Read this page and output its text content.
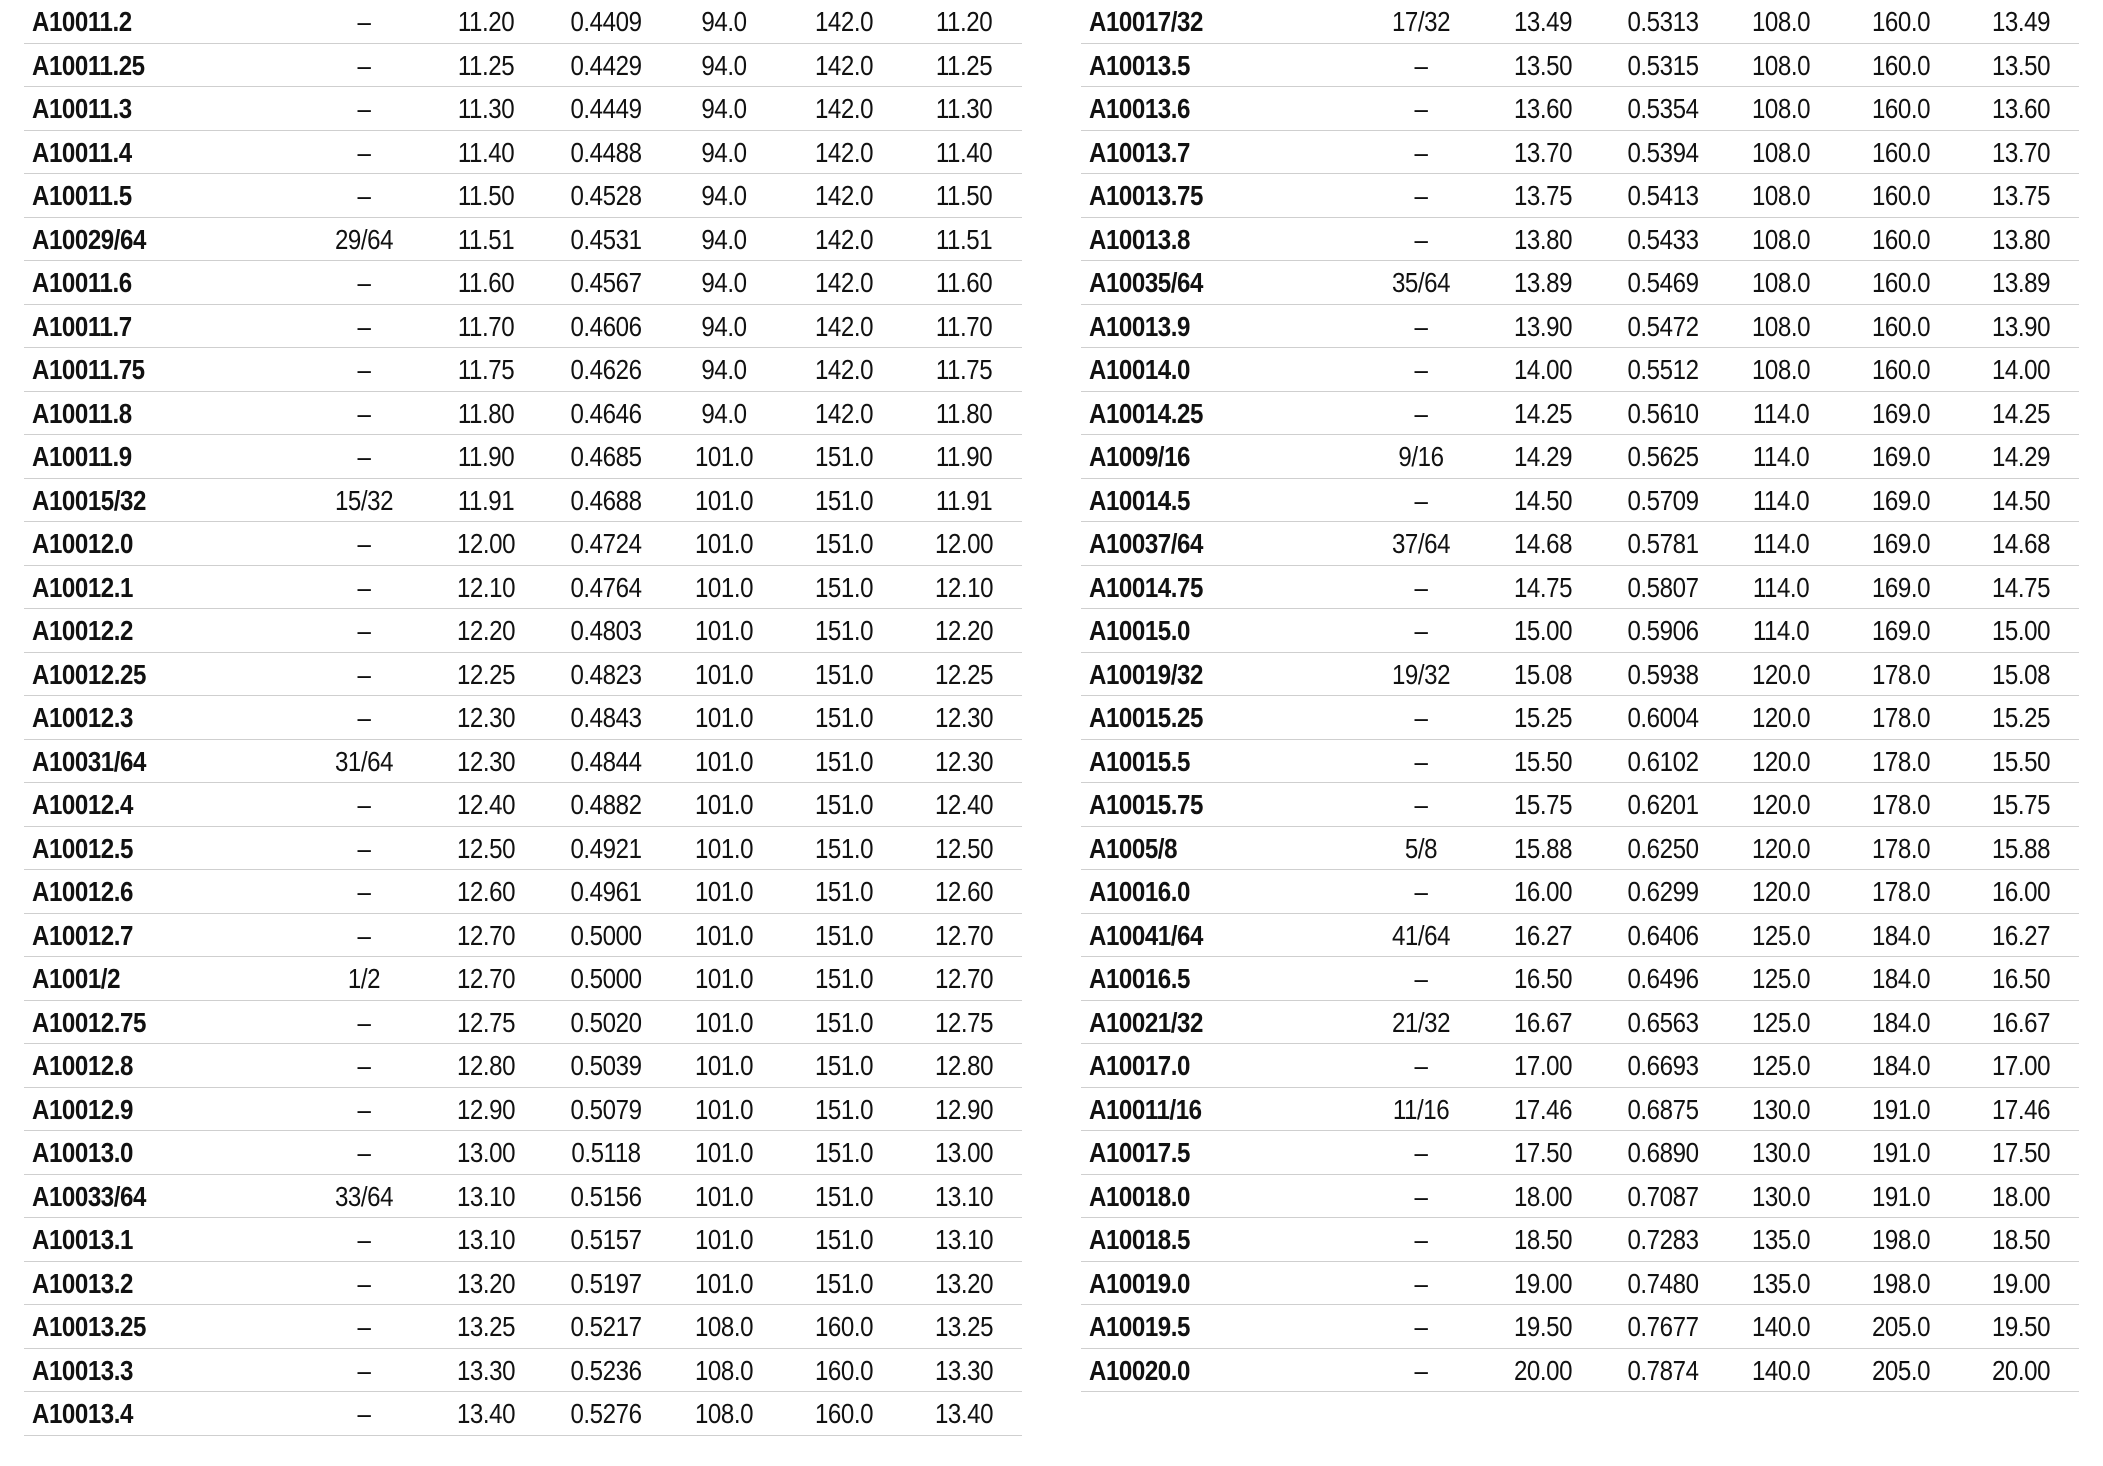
A10011.2	–	11.20 0.4409 94.0 142.0 11.20
A10011.25	–	11.25 0.4429 94.0 142.0 11.25
A10011.3	–	11.30 0.4449 94.0 142.0 11.30
A10011.4	–	11.40 0.4488 94.0 142.0 11.40
A10011.5	–	11.50 0.4528 94.0 142.0 11.50
A10029/64	29/64 11.51 0.4531 94.0 142.0 11.51
A10011.6	–	11.60 0.4567 94.0 142.0 11.60
A10011.7	–	11.70 0.4606 94.0 142.0 11.70
A10011.75	–	11.75 0.4626 94.0 142.0 11.75
A10011.8	–	11.80 0.4646 94.0 142.0 11.80
A10011.9	–	11.90 0.4685 101.0 151.0 11.90
A10015/32	15/32 11.91 0.4688 101.0 151.0 11.91
A10012.0	–	12.00 0.4724 101.0 151.0 12.00
A10012.1	–	12.10 0.4764 101.0 151.0 12.10
A10012.2	–	12.20 0.4803 101.0 151.0 12.20
A10012.25	–	12.25 0.4823 101.0 151.0 12.25
A10012.3	–	12.30 0.4843 101.0 151.0 12.30
A10031/64	31/64 12.30 0.4844 101.0 151.0 12.30
A10012.4	–	12.40 0.4882 101.0 151.0 12.40
A10012.5	–	12.50 0.4921 101.0 151.0 12.50
A10012.6	–	12.60 0.4961 101.0 151.0 12.60
A10012.7	–	12.70 0.5000 101.0 151.0 12.70
A1001/2	1/2	12.70 0.5000 101.0 151.0 12.70
A10012.75	–	12.75 0.5020 101.0 151.0 12.75
A10012.8	–	12.80 0.5039 101.0 151.0 12.80
A10012.9	–	12.90 0.5079 101.0 151.0 12.90
A10013.0	–	13.00 0.5118 101.0 151.0 13.00
A10033/64	33/64 13.10 0.5156 101.0 151.0 13.10
A10013.1	–	13.10 0.5157 101.0 151.0 13.10
A10013.2	–	13.20 0.5197 101.0 151.0 13.20
A10013.25	–	13.25 0.5217 108.0 160.0 13.25
A10013.3	–	13.30 0.5236 108.0 160.0 13.30
A10013.4	–	13.40 0.5276 108.0 160.0 13.40
A10017/32	17/32 13.49 0.5313 108.0 160.0 13.49
A10013.5	–	13.50 0.5315 108.0 160.0 13.50
A10013.6	–	13.60 0.5354 108.0 160.0 13.60
A10013.7	–	13.70 0.5394 108.0 160.0 13.70
A10013.75	–	13.75 0.5413 108.0 160.0 13.75
A10013.8	–	13.80 0.5433 108.0 160.0 13.80
A10035/64	35/64 13.89 0.5469 108.0 160.0 13.89
A10013.9	–	13.90 0.5472 108.0 160.0 13.90
A10014.0	–	14.00 0.5512 108.0 160.0 14.00
A10014.25	–	14.25 0.5610 114.0 169.0 14.25
A1009/16	9/16	14.29 0.5625 114.0 169.0 14.29
A10014.5	–	14.50 0.5709 114.0 169.0 14.50
A10037/64	37/64 14.68 0.5781 114.0 169.0 14.68
A10014.75	–	14.75 0.5807 114.0 169.0 14.75
A10015.0	–	15.00 0.5906 114.0 169.0 15.00
A10019/32	19/32 15.08 0.5938 120.0 178.0 15.08
A10015.25	–	15.25 0.6004 120.0 178.0 15.25
A10015.5	–	15.50 0.6102 120.0 178.0 15.50
A10015.75	–	15.75 0.6201 120.0 178.0 15.75
A1005/8	5/8	15.88 0.6250 120.0 178.0 15.88
A10016.0	–	16.00 0.6299 120.0 178.0 16.00
A10041/64	41/64 16.27 0.6406 125.0 184.0 16.27
A10016.5	–	16.50 0.6496 125.0 184.0 16.50
A10021/32	21/32 16.67 0.6563 125.0 184.0 16.67
A10017.0	–	17.00 0.6693 125.0 184.0 17.00
A10011/16	11/16 17.46 0.6875 130.0 191.0 17.46
A10017.5	–	17.50 0.6890 130.0 191.0 17.50
A10018.0	–	18.00 0.7087 130.0 191.0 18.00
A10018.5	–	18.50 0.7283 135.0 198.0 18.50
A10019.0	–	19.00 0.7480 135.0 198.0 19.00
A10019.5	–	19.50 0.7677 140.0 205.0 19.50
A10020.0	–	20.00 0.7874 140.0 205.0 20.00
